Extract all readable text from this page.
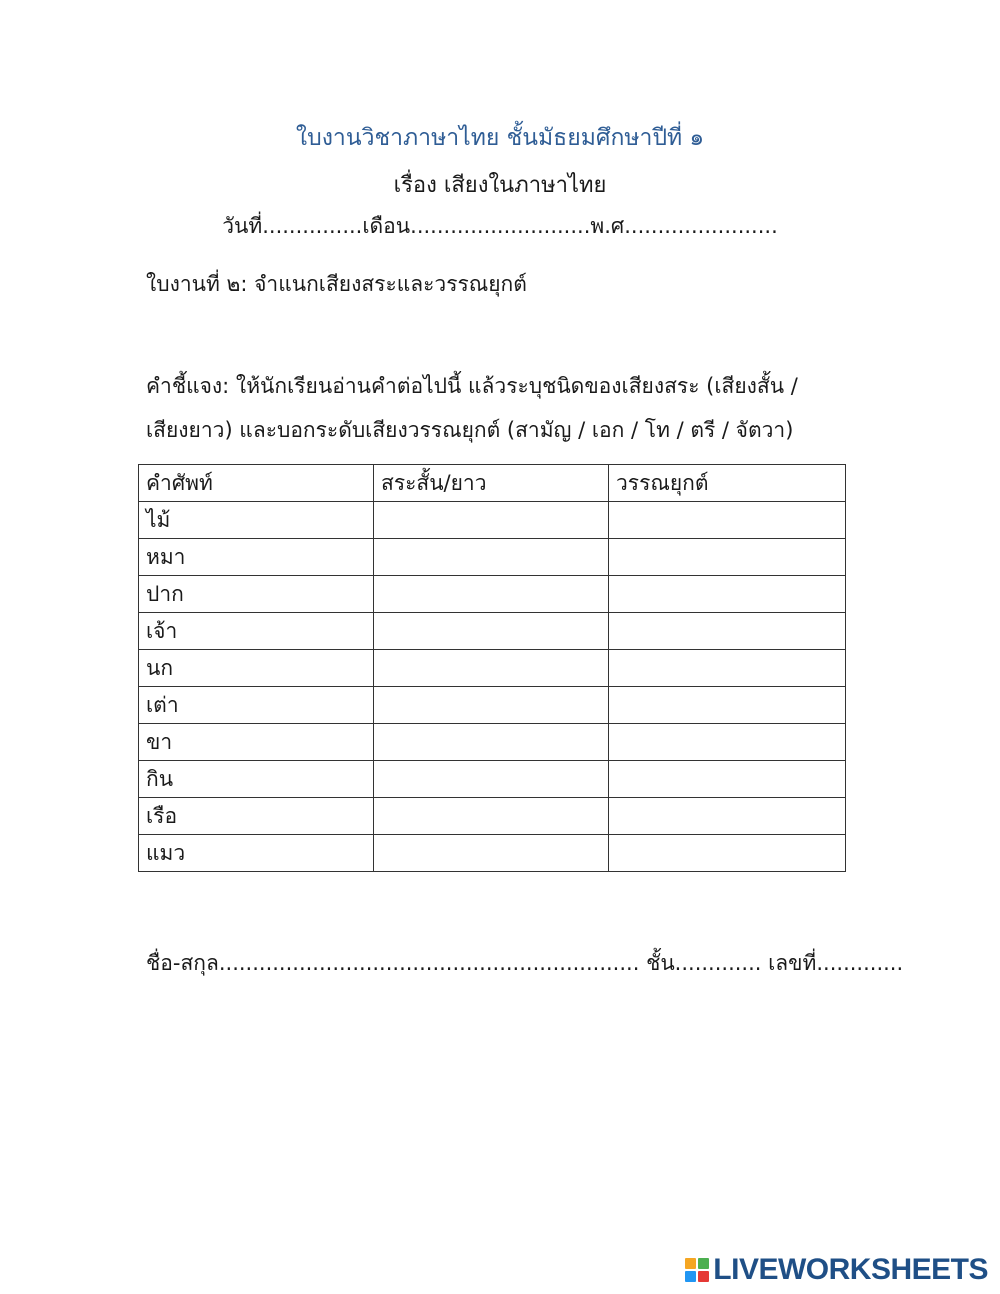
ใบงานวิชาภาษาไทย ชั้นมัธยมศึกษาปีที่ ๑
เรื่อง เสียงในภาษาไทย
วันที่...............เดือน...........................พ.ศ.......................
ใบงานที่ ๒: จำแนกเสียงสระและวรรณยุกต์
คำชี้แจง: ให้นักเรียนอ่านคำต่อไปนี้ แล้วระบุชนิดของเสียงสระ (เสียงสั้น / เสียงยาว) และบอกระดับเสียงวรรณยุกต์ (สามัญ / เอก / โท / ตรี / จัตวา)
คำศัพท์	สระสั้น/ยาว	วรรณยุกต์
ไม้		
หมา		
ปาก		
เจ้า		
นก		
เต่า		
ขา		
กิน		
เรือ		
แมว		
ชื่อ-สกุล............................................................... ชั้น............. เลขที่.............
LIVEWORKSHEETS
